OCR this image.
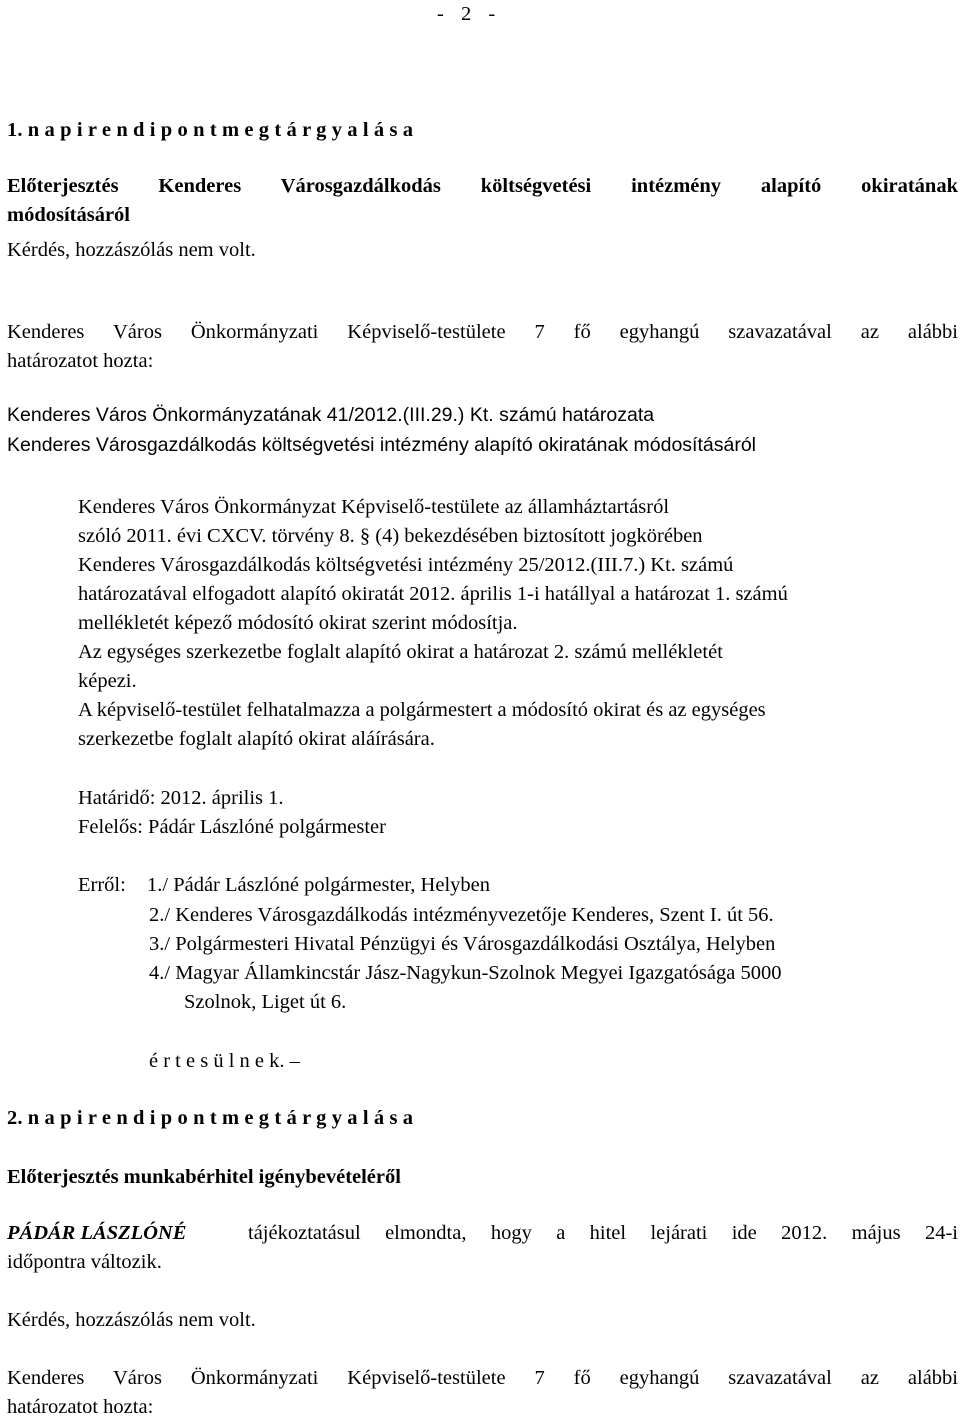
- 2 -
1. n a p i r e n d i p o n t m e g t á r g y a l á s a
Előterjesztés Kenderes Városgazdálkodás költségvetési intézmény alapító okiratának
módosításáról
Kérdés, hozzászólás nem volt.
Kenderes Város Önkormányzati Képviselő-testülete 7 fő egyhangú szavazatával az alábbi
határozatot hozta:
Kenderes Város Önkormányzatának 41/2012.(III.29.) Kt. számú határozata
Kenderes Városgazdálkodás költségvetési intézmény alapító okiratának módosításáról
Kenderes Város Önkormányzat Képviselő-testülete az államháztartásról
szóló 2011. évi CXCV. törvény 8. § (4) bekezdésében biztosított jogkörében
Kenderes Városgazdálkodás költségvetési intézmény 25/2012.(III.7.) Kt. számú
határozatával elfogadott alapító okiratát 2012. április 1-i hatállyal a határozat 1. számú
mellékletét képező módosító okirat szerint módosítja.
Az egységes szerkezetbe foglalt alapító okirat a határozat 2. számú mellékletét
képezi.
A képviselő-testület felhatalmazza a polgármestert a módosító okirat és az egységes
szerkezetbe foglalt alapító okirat aláírására.
Határidő: 2012. április 1.
Felelős: Pádár Lászlóné polgármester
Erről: 1./ Pádár Lászlóné polgármester, Helyben
2./ Kenderes Városgazdálkodás intézményvezetője Kenderes, Szent I. út 56.
3./ Polgármesteri Hivatal Pénzügyi és Városgazdálkodási Osztálya, Helyben
4./ Magyar Államkincstár Jász-Nagykun-Szolnok Megyei Igazgatósága 5000
Szolnok, Liget út 6.
é r t e s ü l n e k. –
2. n a p i r e n d i p o n t m e g t á r g y a l á s a
Előterjesztés munkabérhitel igénybevételéről
PÁDÁR LÁSZLÓNÉ	tájékoztatásul elmondta, hogy a hitel lejárati ide 2012. május 24-i
időpontra változik.
Kérdés, hozzászólás nem volt.
Kenderes Város Önkormányzati Képviselő-testülete 7 fő egyhangú szavazatával az alábbi
határozatot hozta:
